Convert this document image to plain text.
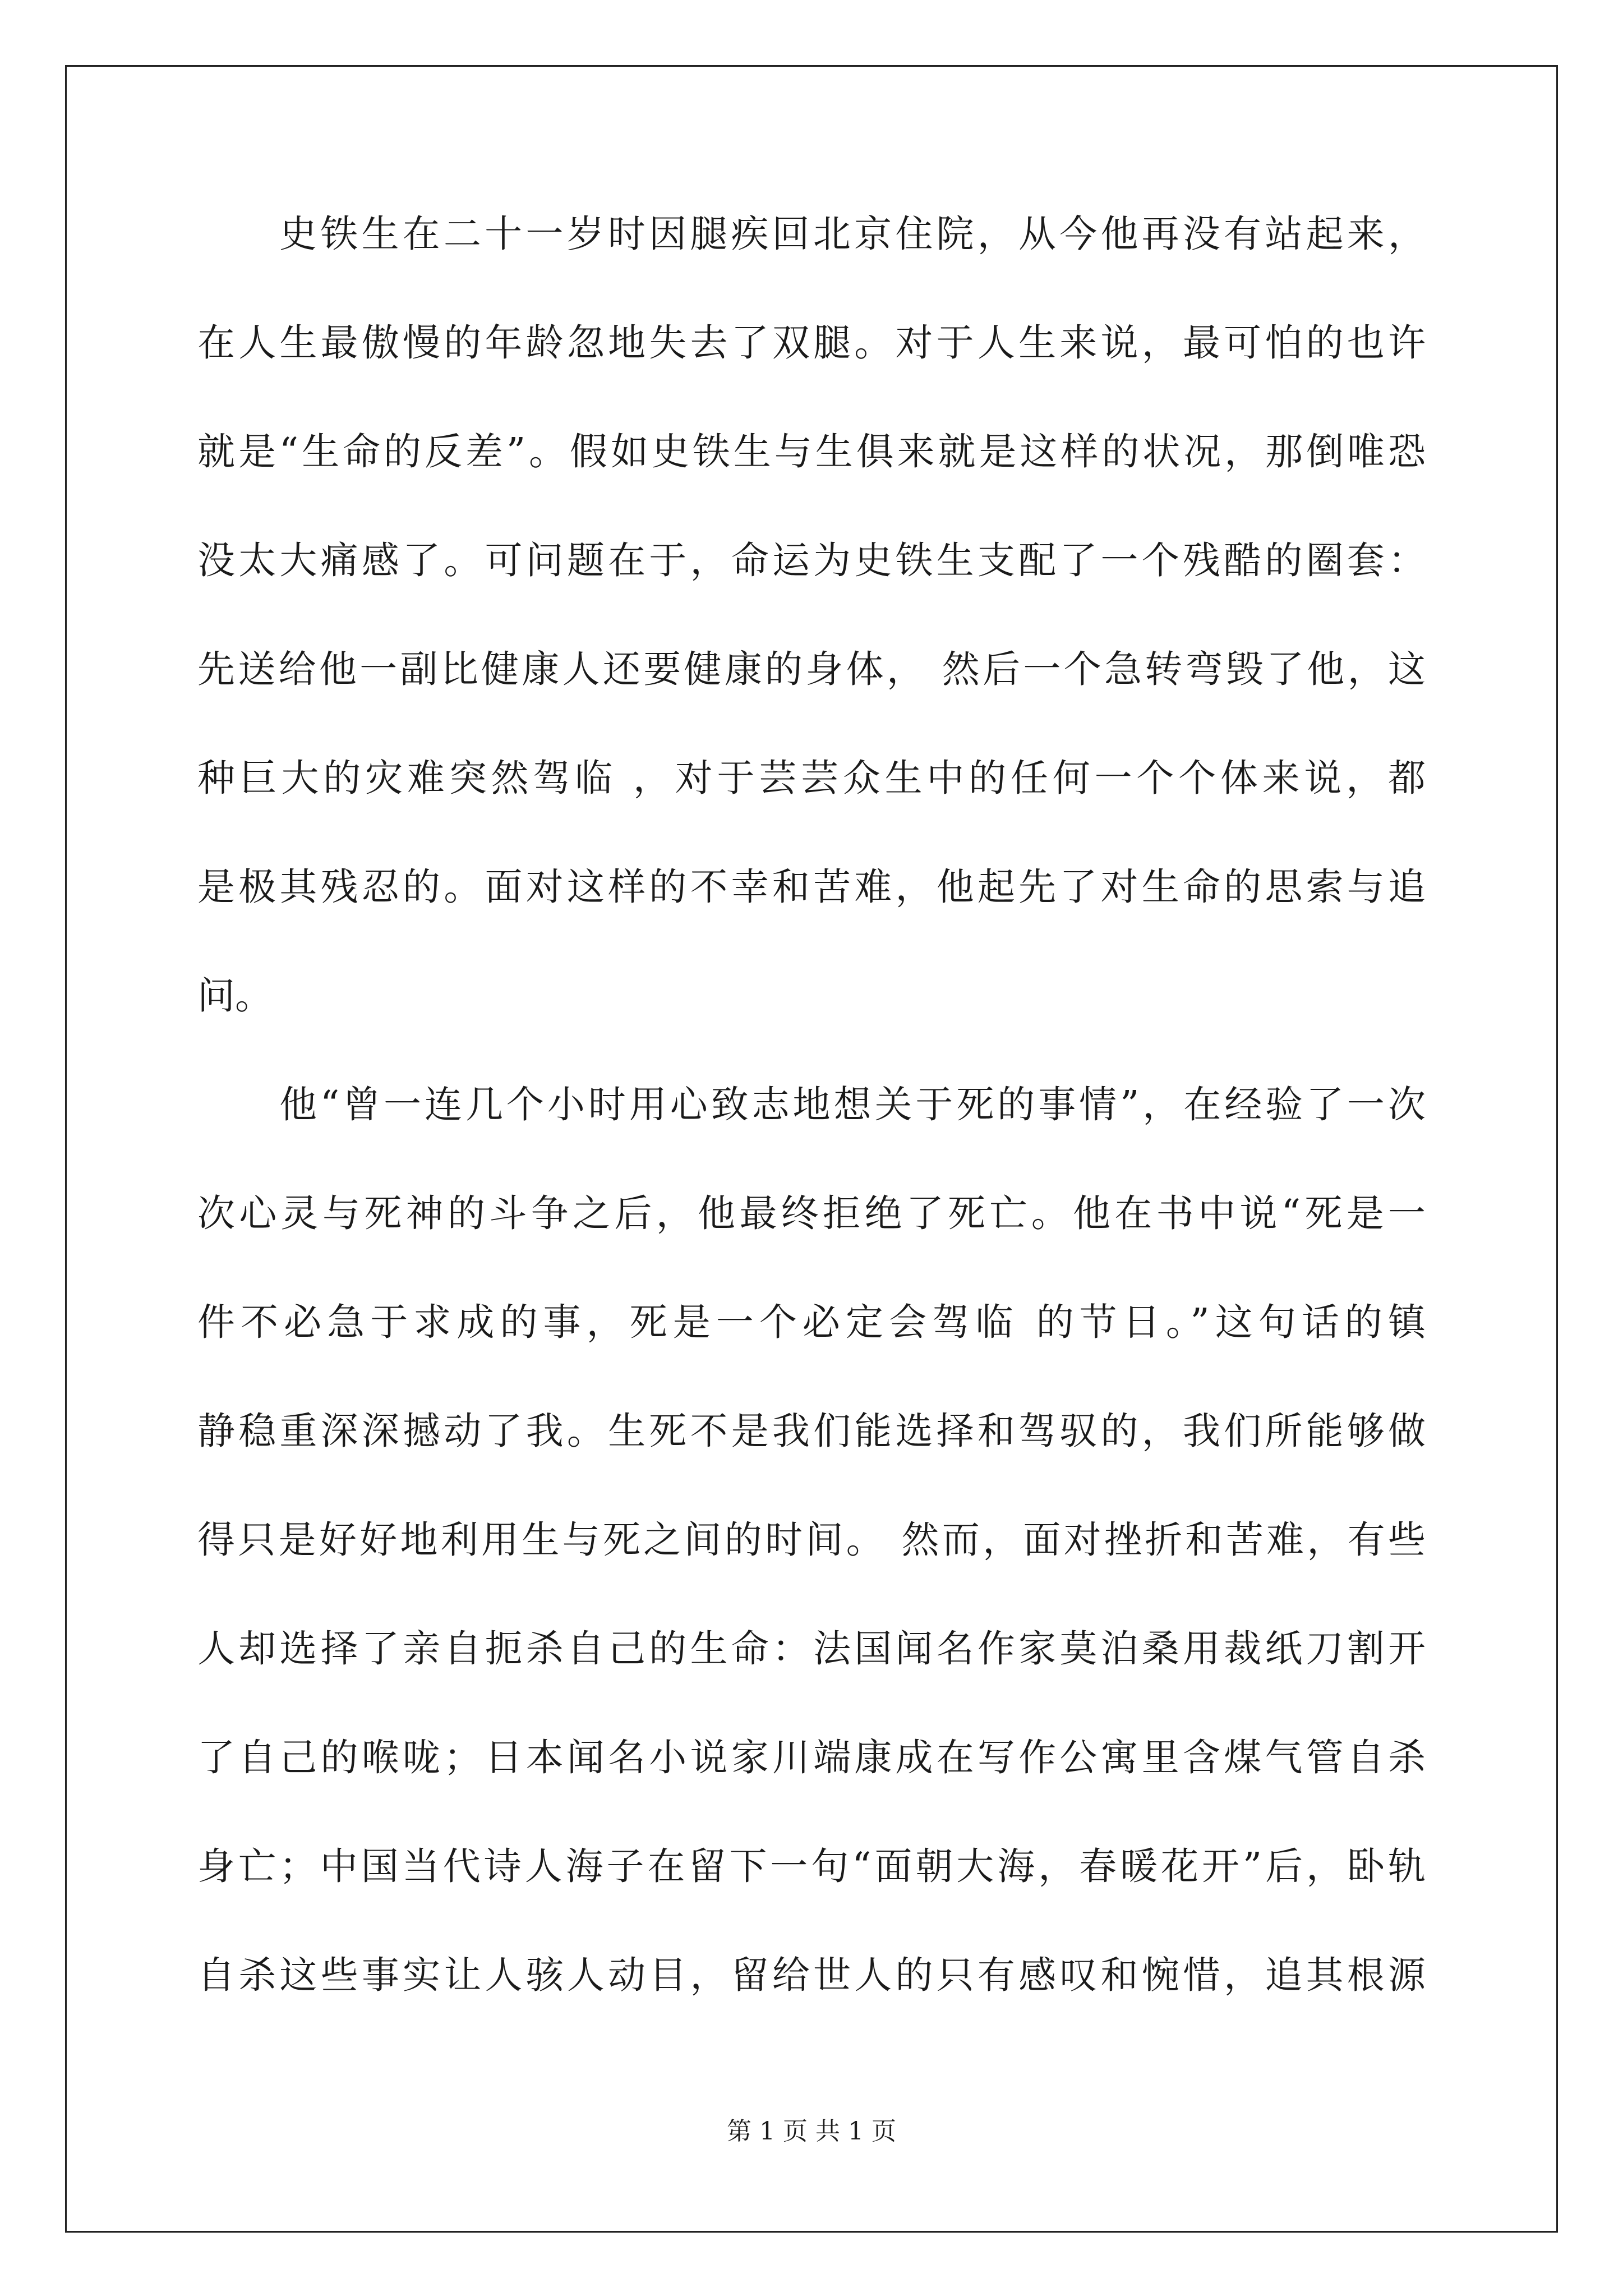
史铁生在二十一岁时因腿疾回北京住院，从今他再没有站起来，
在人生最傲慢的年龄忽地失去了双腿。对于人生来说，最可怕的也许
就是“生命的反差”。假如史铁生与生俱来就是这样的状况，那倒唯恐
没太大痛感了。可问题在于，命运为史铁生支配了一个残酷的圈套：
先送给他一副比健康人还要健康的身体， 然后一个急转弯毁了他，这
种巨大的灾难突然驾临 ，对于芸芸众生中的任何一个个体来说，都
是极其残忍的。面对这样的不幸和苦难，他起先了对生命的思索与追
问。
他“曾一连几个小时用心致志地想关于死的事情”，在经验了一次
次心灵与死神的斗争之后，他最终拒绝了死亡。他在书中说“死是一
件不必急于求成的事，死是一个必定会驾临 的节日。”这句话的镇
静稳重深深撼动了我。生死不是我们能选择和驾驭的，我们所能够做
得只是好好地利用生与死之间的时间。 然而，面对挫折和苦难，有些
人却选择了亲自扼杀自己的生命：法国闻名作家莫泊桑用裁纸刀割开
了自己的喉咙；日本闻名小说家川端康成在写作公寓里含煤气管自杀
身亡；中国当代诗人海子在留下一句“面朝大海，春暖花开”后，卧轨
自杀这些事实让人骇人动目，留给世人的只有感叹和惋惜，追其根源
第 1 页 共 1 页
